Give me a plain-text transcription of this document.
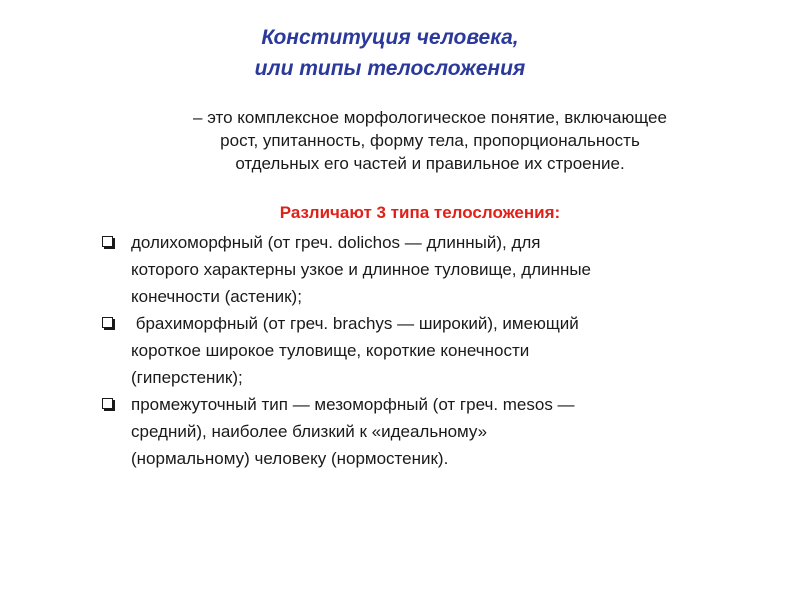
Конституция человека,
или типы телосложения
– это комплексное морфологическое понятие, включающее
рост, упитанность, форму тела, пропорциональность
отдельных его частей и правильное их строение.
Различают 3 типа телосложения:
долихоморфный (от греч. dolichos — длинный), для
которого характерны узкое и длинное туловище, длинные
конечности (астеник);
брахиморфный (от греч. brachys — широкий), имеющий
короткое широкое туловище, короткие конечности
(гиперстеник);
промежуточный тип — мезоморфный (от греч. mesos —
средний), наиболее близкий к «идеальному»
(нормальному) человеку (нормостеник).
